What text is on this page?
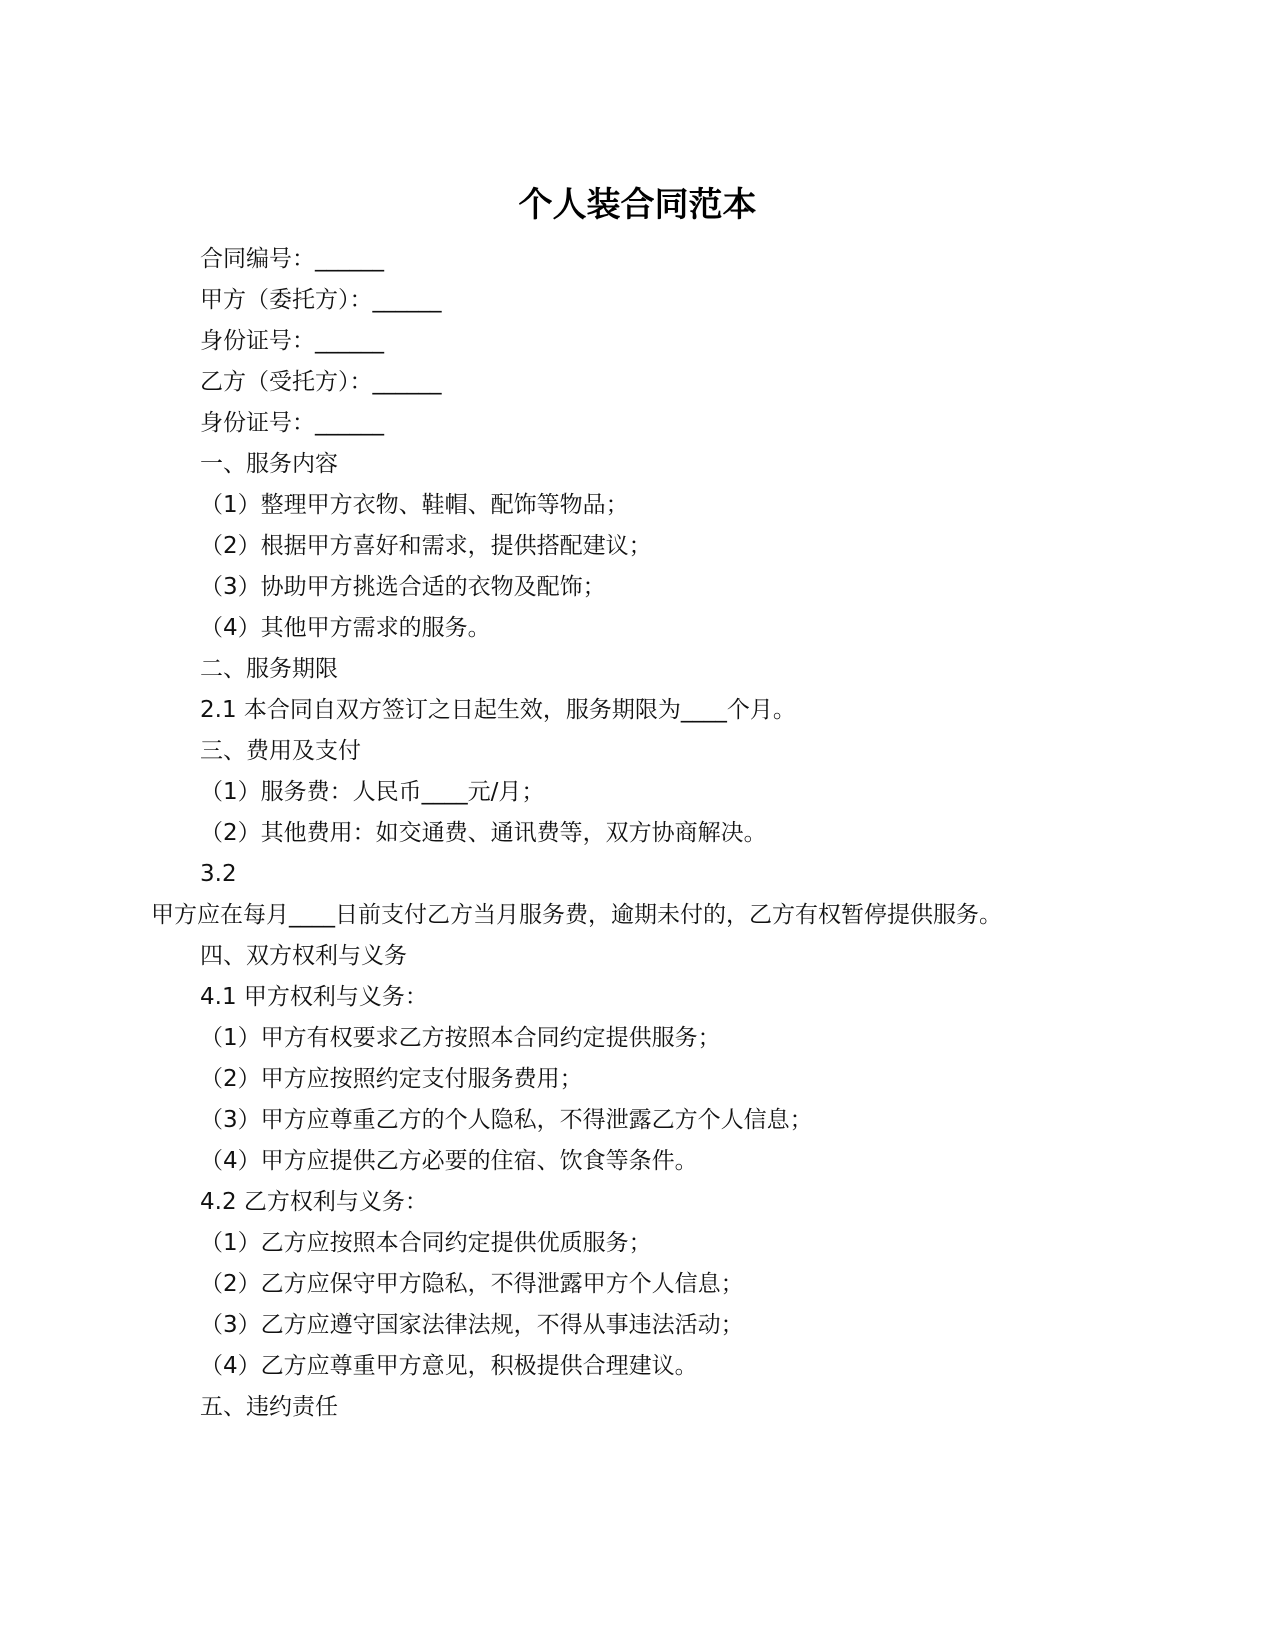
个人装合同范本
合同编号：______
甲方（委托方）：______
身份证号：______
乙方（受托方）：______
身份证号：______
一、服务内容
（1）整理甲方衣物、鞋帽、配饰等物品；
（2）根据甲方喜好和需求，提供搭配建议；
（3）协助甲方挑选合适的衣物及配饰；
（4）其他甲方需求的服务。
二、服务期限
2.1 本合同自双方签订之日起生效，服务期限为____个月。
三、费用及支付
（1）服务费：人民币____元/月；
（2）其他费用：如交通费、通讯费等，双方协商解决。
3.2
甲方应在每月____日前支付乙方当月服务费，逾期未付的，乙方有权暂停提供服务。
四、双方权利与义务
4.1 甲方权利与义务：
（1）甲方有权要求乙方按照本合同约定提供服务；
（2）甲方应按照约定支付服务费用；
（3）甲方应尊重乙方的个人隐私，不得泄露乙方个人信息；
（4）甲方应提供乙方必要的住宿、饮食等条件。
4.2 乙方权利与义务：
（1）乙方应按照本合同约定提供优质服务；
（2）乙方应保守甲方隐私，不得泄露甲方个人信息；
（3）乙方应遵守国家法律法规，不得从事违法活动；
（4）乙方应尊重甲方意见，积极提供合理建议。
五、违约责任
